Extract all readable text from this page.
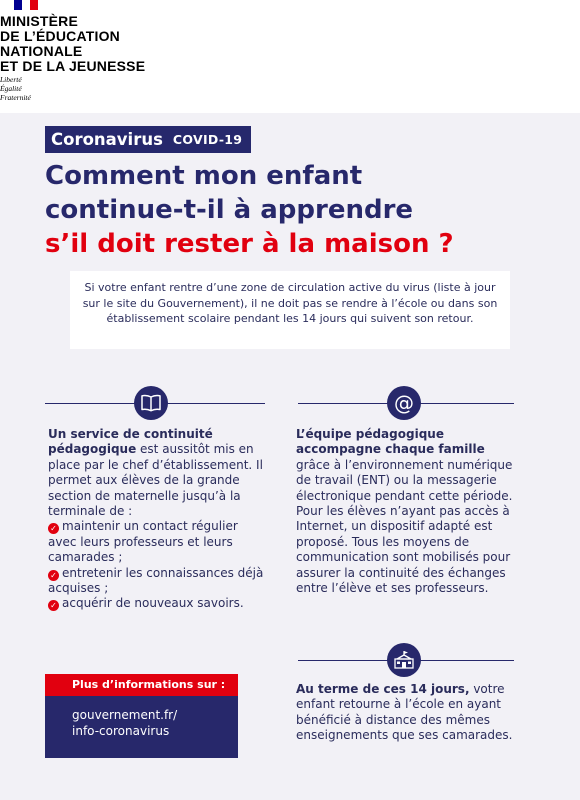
MINISTÈRE
DE L’ÉDUCATION
NATIONALE
ET DE LA JEUNESSE
Liberté
Égalité
Fraternité
Coronavirus COVID-19
Comment mon enfant
continue-t-il à apprendre
s’il doit rester à la maison ?
Si votre enfant rentre d’une zone de circulation active du virus (liste à jour sur le site du Gouvernement), il ne doit pas se rendre à l’école ou dans son établissement scolaire pendant les 14 jours qui suivent son retour.
@

Un service de continuité pédagogique est aussitôt mis en place par le chef d’établissement. Il permet aux élèves de la grande section de maternelle jusqu’à la terminale de :

✓ maintenir un contact régulier avec leurs professeurs et leurs camarades ;

✓ entretenir les connaissances déjà acquises ;

✓ acquérir de nouveaux savoirs.

L’équipe pédagogique accompagne chaque famille grâce à l’environnement numérique de travail (ENT) ou la messagerie électronique pendant cette période. Pour les élèves n’ayant pas accès à Internet, un dispositif adapté est proposé. Tous les moyens de communication sont mobilisés pour assurer la continuité des échanges entre l’élève et ses professeurs.

Au terme de ces 14 jours, votre enfant retourne à l’école en ayant bénéficié à distance des mêmes enseignements que ses camarades.

Plus d’informations sur :
gouvernement.fr/
info-coronavirus
